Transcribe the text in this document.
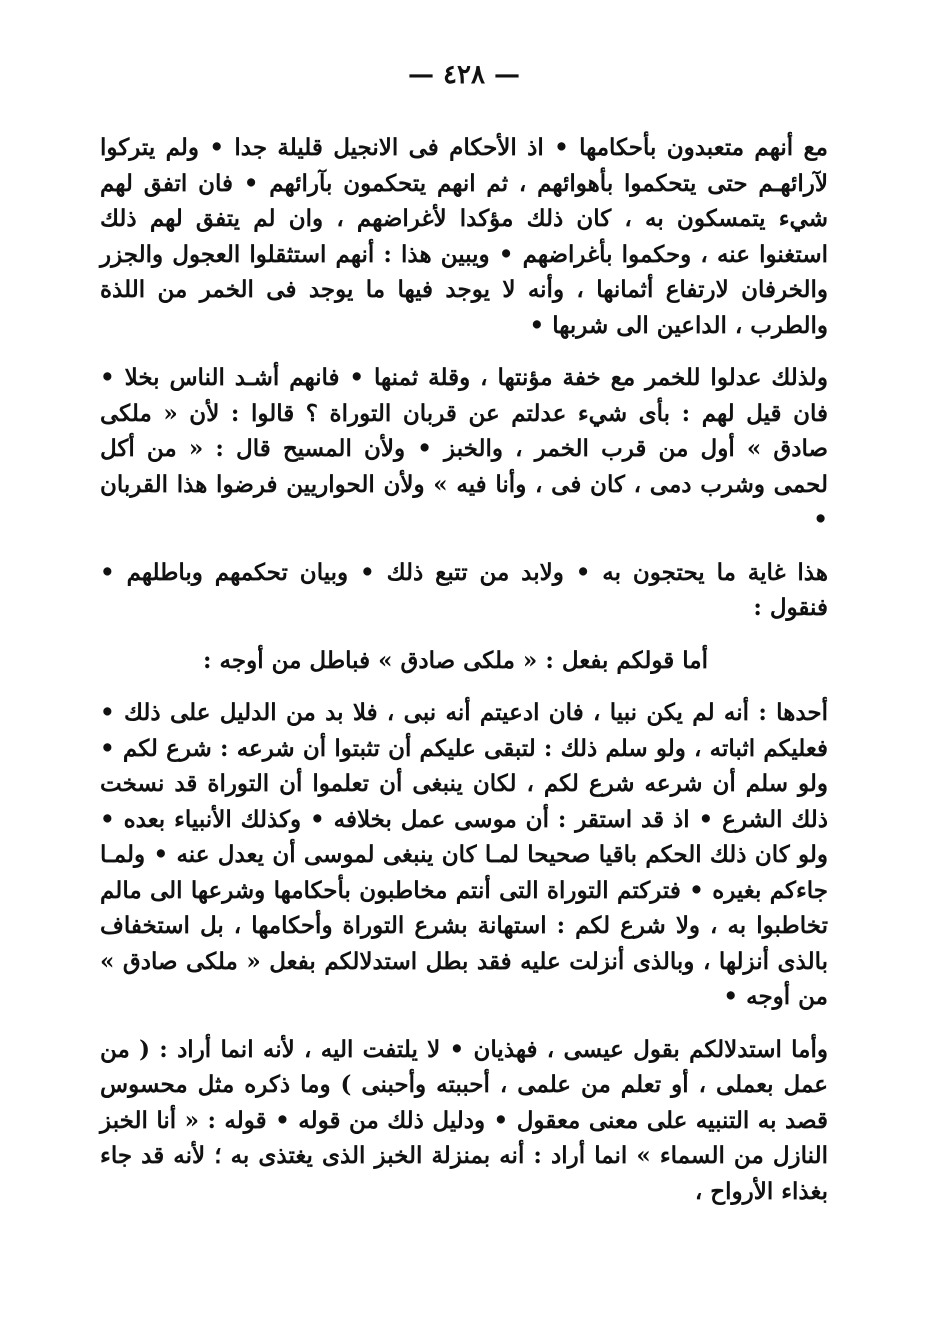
— ٤٢٨ —

مع أنهم متعبدون بأحكامها • اذ الأحكام فى الانجيل قليلة جدا • ولم يتركوا لآرائهـم حتى يتحكموا بأهوائهم ، ثم انهم يتحكمون بآرائهم • فان اتفق لهم شيء يتمسكون به ، كان ذلك مؤكدا لأغراضهم ، وان لم يتفق لهم ذلك استغنوا عنه ، وحكموا بأغراضهم • ويبين هذا : أنهم استثقلوا العجول والجزر والخرفان لارتفاع أثمانها ، وأنه لا يوجد فيها ما يوجد فى الخمر من اللذة والطرب ، الداعين الى شربها •

ولذلك عدلوا للخمر مع خفة مؤنتها ، وقلة ثمنها • فانهم أشـد الناس بخلا • فان قيل لهم : بأى شيء عدلتم عن قربان التوراة ؟ قالوا : لأن « ملكى صادق » أول من قرب الخمر ، والخبز • ولأن المسيح قال : « من أكل لحمى وشرب دمى ، كان فى ، وأنا فيه » ولأن الحواريين فرضوا هذا القربان •

هذا غاية ما يحتجون به • ولابد من تتبع ذلك • وبيان تحكمهم وباطلهم • فنقول :

أما قولكم بفعل : « ملكى صادق » فباطل من أوجه :

أحدها : أنه لم يكن نبيا ، فان ادعيتم أنه نبى ، فلا بد من الدليل على ذلك • فعليكم اثباته ، ولو سلم ذلك : لتبقى عليكم أن تثبتوا أن شرعه : شرع لكم • ولو سلم أن شرعه شرع لكم ، لكان ينبغى أن تعلموا أن التوراة قد نسخت ذلك الشرع • اذ قد استقر : أن موسى عمل بخلافه • وكذلك الأنبياء بعده • ولو كان ذلك الحكم باقيا صحيحا لمـا كان ينبغى لموسى أن يعدل عنه • ولمـا جاءكم بغيره • فتركتم التوراة التى أنتم مخاطبون بأحكامها وشرعها الى مالم تخاطبوا به ، ولا شرع لكم : استهانة بشرع التوراة وأحكامها ، بل استخفاف بالذى أنزلها ، وبالذى أنزلت عليه فقد بطل استدلالكم بفعل « ملكى صادق » من أوجه •

وأما استدلالكم بقول عيسى ، فهذيان • لا يلتفت اليه ، لأنه انما أراد : ( من عمل بعملى ، أو تعلم من علمى ، أحببته وأحبنى ) وما ذكره مثل محسوس قصد به التنبيه على معنى معقول • ودليل ذلك من قوله • قوله : « أنا الخبز النازل من السماء » انما أراد : أنه بمنزلة الخبز الذى يغتذى به ؛ لأنه قد جاء بغذاء الأرواح ،
